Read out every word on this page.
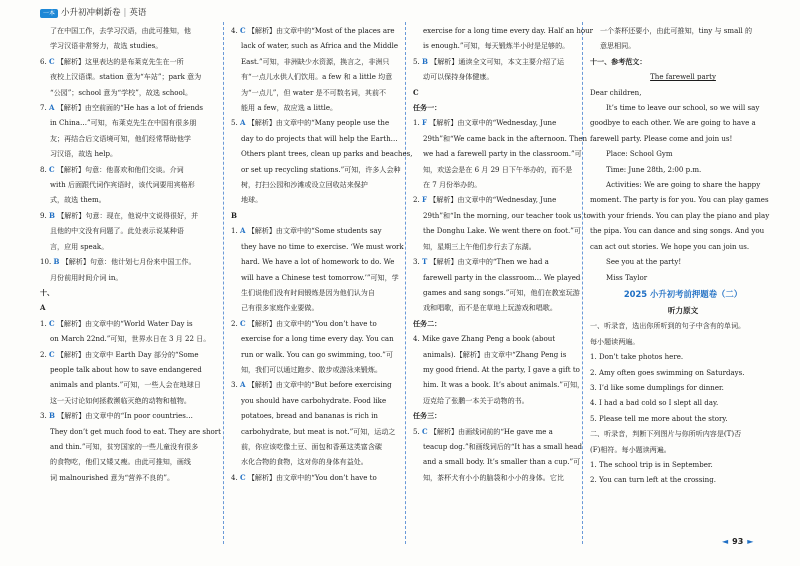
一本 小升初冲刺新卷 | 英语

了在中国工作，去学习汉语，由此可推知，他

学习汉语非常努力，故选 studies。

6. C 【解析】这里表达的是布莱克先生在一所

夜校上汉语课。station 意为“车站”；park 意为

“公园”；school 意为“学校”，故选 school。

7. A 【解析】由空前面的“He has a lot of friends

in China…”可知，布莱克先生在中国有很多朋

友；再结合后文语境可知，他们经常帮助他学

习汉语，故选 help。

8. C 【解析】句意：他喜欢和他们交谈。介词

with 后面跟代词作宾语时，该代词要用宾格形

式，故选 them。

9. B 【解析】句意：现在，他说中文说得很好，并

且他的中文没有问题了。此处表示说某种语

言，应用 speak。

10. B 【解析】句意：他计划七月份来中国工作。

月份前用时间介词 in。

十、

A

1. C 【解析】由文章中的“World Water Day is

on March 22nd.”可知，世界水日在 3 月 22 日。

2. C 【解析】由文章中 Earth Day 部分的“Some

people talk about how to save endangered

animals and plants.”可知，一些人会在地球日

这一天讨论如何拯救濒临灭绝的动物和植物。

3. B 【解析】由文章中的“In poor countries…

They don’t get much food to eat. They are short

and thin.”可知，贫穷国家的一些儿童没有很多

的食物吃，他们又矮又瘦。由此可推知，画线

词 malnourished 意为“营养不良的”。

4. C 【解析】由文章中的“Most of the places are

lack of water, such as Africa and the Middle

East.”可知，非洲缺少水资源，换言之，非洲只

有“一点儿水供人们饮用。a few 和 a little 均意

为“一点儿”，但 water 是不可数名词，其前不

能用 a few，故应选 a little。

5. A 【解析】由文章中的“Many people use the

day to do projects that will help the Earth…

Others plant trees, clean up parks and beaches,

or set up recycling stations.”可知，许多人会种

树，打扫公园和沙滩或设立回收站来保护

地球。

B

1. A 【解析】由文章中的“Some students say

they have no time to exercise. ‘We must work

hard. We have a lot of homework to do. We

will have a Chinese test tomorrow.’”可知，学

生们说他们没有时间锻炼是因为他们认为自

己有很多家庭作业要做。

2. C 【解析】由文章中的“You don’t have to

exercise for a long time every day. You can

run or walk. You can go swimming, too.”可

知，我们可以通过跑步、散步或游泳来锻炼。

3. A 【解析】由文章中的“But before exercising

you should have carbohydrate. Food like

potatoes, bread and bananas is rich in

carbohydrate, but meat is not.”可知，运动之

前，你应该吃像土豆、面包和香蕉这类富含碳

水化合物的食物，这对你的身体有益处。

4. C 【解析】由文章中的“You don’t have to

exercise for a long time every day. Half an hour

is enough.”可知，每天锻炼半小时是足够的。

5. B 【解析】通读全文可知，本文主要介绍了运

动可以保持身体健康。

C

任务一：

1. F 【解析】由文章中的“Wednesday, June

29th”和“We came back in the afternoon. Then

we had a farewell party in the classroom.”可

知，欢送会是在 6 月 29 日下午举办的，而不是

在 7 月份举办的。

2. F 【解析】由文章中的“Wednesday, June

29th”和“In the morning, our teacher took us to

the Donghu Lake. We went there on foot.”可

知，星期三上午他们步行去了东湖。

3. T 【解析】由文章中的“Then we had a

farewell party in the classroom… We played

games and sang songs.”可知，他们在教室玩游

戏和唱歌，而不是在草地上玩游戏和唱歌。

任务二：

4. Mike gave Zhang Peng a book (about

animals).【解析】由文章中“Zhang Peng is

my good friend. At the party, I gave a gift to

him. It was a book. It’s about animals.”可知，

迈克给了张鹏一本关于动物的书。

任务三：

5. C 【解析】由画线词前的“He gave me a

teacup dog.”和画线词后的“It has a small head

and a small body. It’s smaller than a cup.”可

知，茶杯犬有小小的脑袋和小小的身体。它比

一个茶杯还要小，由此可推知，tiny 与 small 的

意思相同。

十一、参考范文：

The farewell party

Dear children,

It’s time to leave our school, so we will say

goodbye to each other. We are going to have a

farewell party. Please come and join us!

Place: School Gym

Time: June 28th, 2:00 p.m.

Activities: We are going to share the happy

moment. The party is for you. You can play games

with your friends. You can play the piano and play

the pipa. You can dance and sing songs. And you

can act out stories. We hope you can join us.

See you at the party!

Miss Taylor

2025 小升初考前押题卷（二）

听力原文

一、听录音，选出你所听到的句子中含有的单词。

每小题读两遍。

1. Don’t take photos here.

2. Amy often goes swimming on Saturdays.

3. I’d like some dumplings for dinner.

4. I had a bad cold so I slept all day.

5. Please tell me more about the story.

二、听录音，判断下列图片与你所听内容是(T)否

(F)相符。每小题读两遍。

1. The school trip is in September.

2. You can turn left at the crossing.

◄ 93 ►
